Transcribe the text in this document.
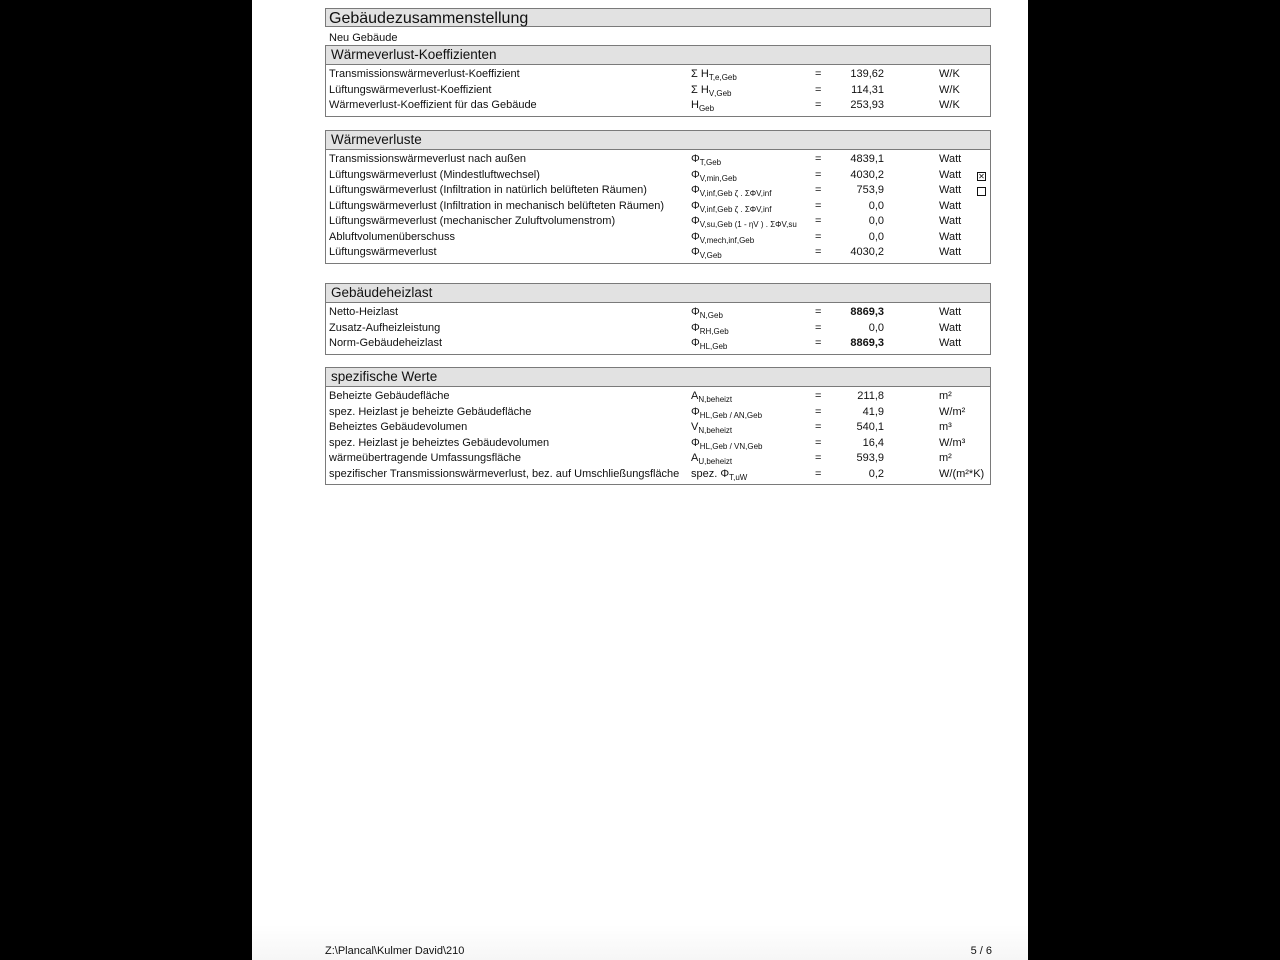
Gebäudezusammenstellung
Neu Gebäude
Wärmeverlust-Koeffizienten
Transmissionswärmeverlust-Koeffizient	Σ $H_{T,e,Geb}$	=	139,62	W/K
Lüftungswärmeverlust-Koeffizient	Σ $H_{V,Geb}$	=	114,31	W/K
Wärmeverlust-Koeffizient für das Gebäude	$H_{Geb}$	=	253,93	W/K
Wärmeverluste
Transmissionswärmeverlust nach außen	$\Phi_{T,Geb}$	=	4839,1	Watt
Lüftungswärmeverlust (Mindestluftwechsel)	$\Phi_{V,min,Geb}$	=	4030,2	Watt ✕
Lüftungswärmeverlust (Infiltration in natürlich belüfteten Räumen)	$\Phi_{V,inf,Geb}$ $_{\zeta . \Sigma\Phi V,inf}$	=	753,9	Watt
Lüftungswärmeverlust (Infiltration in mechanisch belüfteten Räumen) $\Phi_{V,inf,Geb}$ $_{\zeta . \Sigma\Phi V,inf}$	=	0,0	Watt
Lüftungswärmeverlust (mechanischer Zuluftvolumenstrom)	$\Phi_{V,su,Geb}$ $_{(1 - \eta V ) . \Sigma\Phi V,su}$ =	0,0	Watt
Abluftvolumenüberschuss	$\Phi_{V,mech,inf,Geb}$	=	0,0	Watt
Lüftungswärmeverlust	$\Phi_{V,Geb}$	=	4030,2	Watt
Gebäudeheizlast
Netto-Heizlast	$\Phi_{N,Geb}$	=	8869,3	Watt
Zusatz-Aufheizleistung	$\Phi_{RH,Geb}$	=	0,0	Watt
Norm-Gebäudeheizlast	$\Phi_{HL,Geb}$	=	8869,3	Watt
spezifische Werte
Beheizte Gebäudefläche	$A_{N,beheizt}$	=	211,8	m²
spez. Heizlast je beheizte Gebäudefläche	$\Phi_{HL,Geb}$ $_{/ AN,Geb}$	=	41,9	W/m²
Beheiztes Gebäudevolumen	$V_{N,beheizt}$	=	540,1	m³
spez. Heizlast je beheiztes Gebäudevolumen	$\Phi_{HL,Geb}$ $_{/ VN,Geb}$	=	16,4	W/m³
wärmeübertragende Umfassungsfläche	$A_{U,beheizt}$	=	593,9	m²
spezifischer Transmissionswärmeverlust, bez. auf Umschließungsfläche spez. $\Phi_{T,uW}$	=	0,2	W/(m²*K)
Z:\Plancal\Kulmer David\210	5 / 6
